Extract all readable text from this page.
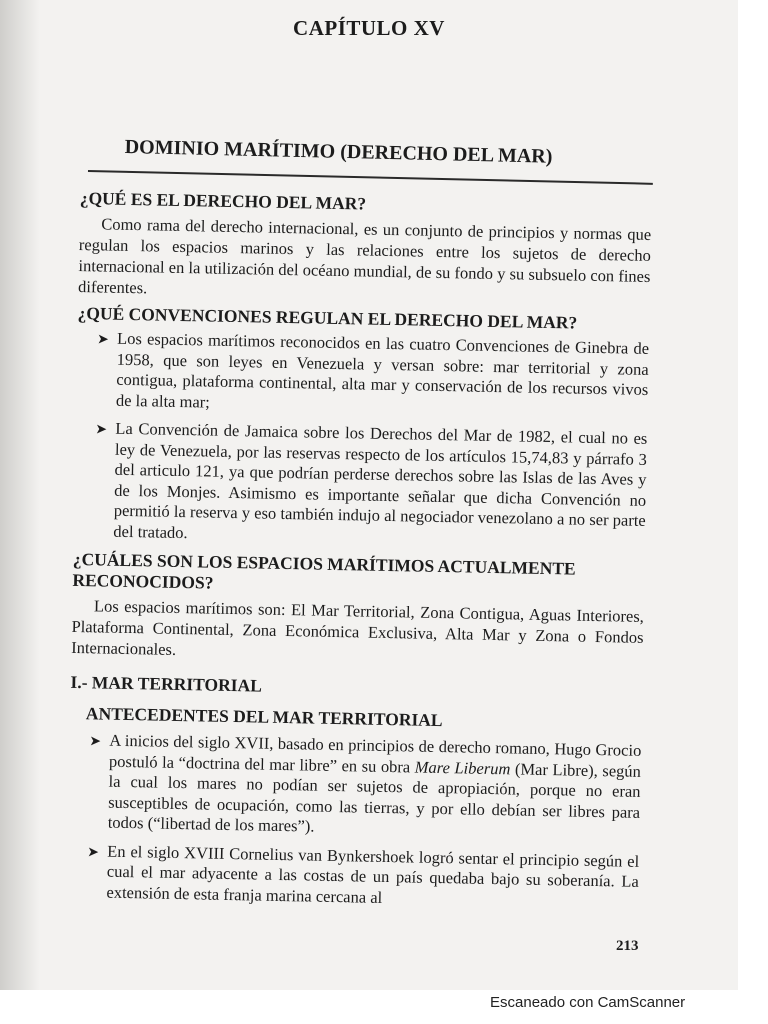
CAPÍTULO XV
DOMINIO MARÍTIMO (DERECHO DEL MAR)
¿QUÉ ES EL DERECHO DEL MAR?
Como rama del derecho internacional, es un conjunto de principios y normas que regulan los espacios marinos y las relaciones entre los sujetos de derecho internacional en la utilización del océano mundial, de su fondo y su subsuelo con fines diferentes.
¿QUÉ CONVENCIONES REGULAN EL DERECHO DEL MAR?
➤ Los espacios marítimos reconocidos en las cuatro Convenciones de Ginebra de 1958, que son leyes en Venezuela y versan sobre: mar territorial y zona contigua, plataforma continental, alta mar y conservación de los recursos vivos de la alta mar;
➤ La Convención de Jamaica sobre los Derechos del Mar de 1982, el cual no es ley de Venezuela, por las reservas respecto de los artículos 15,74,83 y párrafo 3 del articulo 121, ya que podrían perderse derechos sobre las Islas de las Aves y de los Monjes. Asimismo es importante señalar que dicha Convención no permitió la reserva y eso también indujo al negociador venezolano a no ser parte del tratado.
¿CUÁLES SON LOS ESPACIOS MARÍTIMOS ACTUALMENTE RECONOCIDOS?
Los espacios marítimos son: El Mar Territorial, Zona Contigua, Aguas Interiores, Plataforma Continental, Zona Económica Exclusiva, Alta Mar y Zona o Fondos Internacionales.
I.- MAR TERRITORIAL
ANTECEDENTES DEL MAR TERRITORIAL
➤ A inicios del siglo XVII, basado en principios de derecho romano, Hugo Grocio postuló la “doctrina del mar libre” en su obra Mare Liberum (Mar Libre), según la cual los mares no podían ser sujetos de apropiación, porque no eran susceptibles de ocupación, como las tierras, y por ello debían ser libres para todos (“libertad de los mares”).
➤ En el siglo XVIII Cornelius van Bynkershoek logró sentar el principio según el cual el mar adyacente a las costas de un país quedaba bajo su soberanía. La extensión de esta franja marina cercana al
213
Escaneado con CamScanner
